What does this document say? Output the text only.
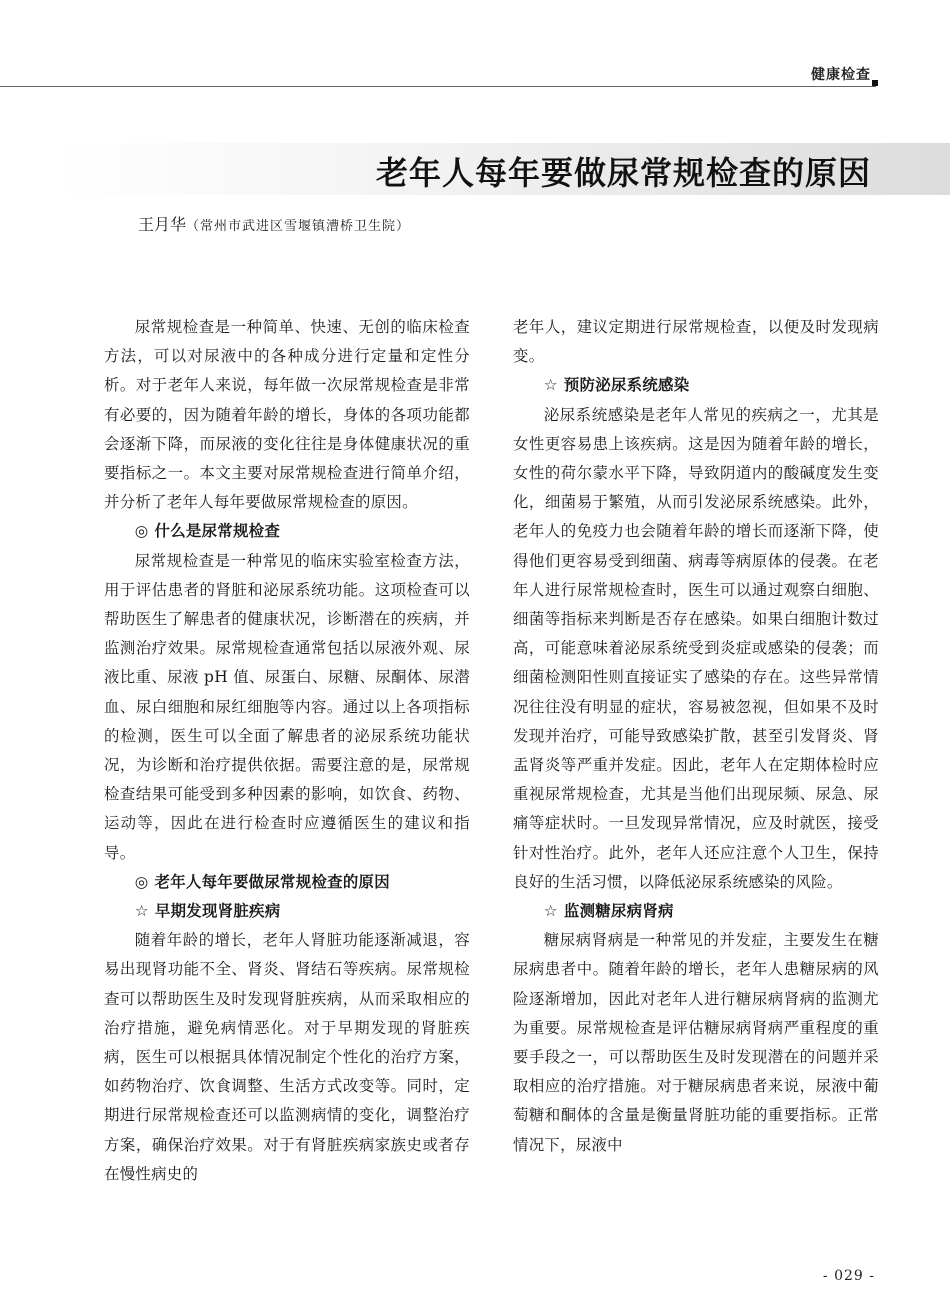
健康检查
老年人每年要做尿常规检查的原因
王月华（常州市武进区雪堰镇漕桥卫生院）

尿常规检查是一种简单、快速、无创的临床检查方法，可以对尿液中的各种成分进行定量和定性分析。对于老年人来说，每年做一次尿常规检查是非常有必要的，因为随着年龄的增长，身体的各项功能都会逐渐下降，而尿液的变化往往是身体健康状况的重要指标之一。本文主要对尿常规检查进行简单介绍，并分析了老年人每年要做尿常规检查的原因。

◎ 什么是尿常规检查

尿常规检查是一种常见的临床实验室检查方法，用于评估患者的肾脏和泌尿系统功能。这项检查可以帮助医生了解患者的健康状况，诊断潜在的疾病，并监测治疗效果。尿常规检查通常包括以尿液外观、尿液比重、尿液 pH 值、尿蛋白、尿糖、尿酮体、尿潜血、尿白细胞和尿红细胞等内容。通过以上各项指标的检测，医生可以全面了解患者的泌尿系统功能状况，为诊断和治疗提供依据。需要注意的是，尿常规检查结果可能受到多种因素的影响，如饮食、药物、运动等，因此在进行检查时应遵循医生的建议和指导。

◎ 老年人每年要做尿常规检查的原因
☆ 早期发现肾脏疾病

随着年龄的增长，老年人肾脏功能逐渐减退，容易出现肾功能不全、肾炎、肾结石等疾病。尿常规检查可以帮助医生及时发现肾脏疾病，从而采取相应的治疗措施，避免病情恶化。对于早期发现的肾脏疾病，医生可以根据具体情况制定个性化的治疗方案，如药物治疗、饮食调整、生活方式改变等。同时，定期进行尿常规检查还可以监测病情的变化，调整治疗方案，确保治疗效果。对于有肾脏疾病家族史或者存在慢性病史的

老年人，建议定期进行尿常规检查，以便及时发现病变。

☆ 预防泌尿系统感染

泌尿系统感染是老年人常见的疾病之一，尤其是女性更容易患上该疾病。这是因为随着年龄的增长，女性的荷尔蒙水平下降，导致阴道内的酸碱度发生变化，细菌易于繁殖，从而引发泌尿系统感染。此外，老年人的免疫力也会随着年龄的增长而逐渐下降，使得他们更容易受到细菌、病毒等病原体的侵袭。在老年人进行尿常规检查时，医生可以通过观察白细胞、细菌等指标来判断是否存在感染。如果白细胞计数过高，可能意味着泌尿系统受到炎症或感染的侵袭；而细菌检测阳性则直接证实了感染的存在。这些异常情况往往没有明显的症状，容易被忽视，但如果不及时发现并治疗，可能导致感染扩散，甚至引发肾炎、肾盂肾炎等严重并发症。因此，老年人在定期体检时应重视尿常规检查，尤其是当他们出现尿频、尿急、尿痛等症状时。一旦发现异常情况，应及时就医，接受针对性治疗。此外，老年人还应注意个人卫生，保持良好的生活习惯，以降低泌尿系统感染的风险。

☆ 监测糖尿病肾病

糖尿病肾病是一种常见的并发症，主要发生在糖尿病患者中。随着年龄的增长，老年人患糖尿病的风险逐渐增加，因此对老年人进行糖尿病肾病的监测尤为重要。尿常规检查是评估糖尿病肾病严重程度的重要手段之一，可以帮助医生及时发现潜在的问题并采取相应的治疗措施。对于糖尿病患者来说，尿液中葡萄糖和酮体的含量是衡量肾脏功能的重要指标。正常情况下，尿液中

- 029 -
